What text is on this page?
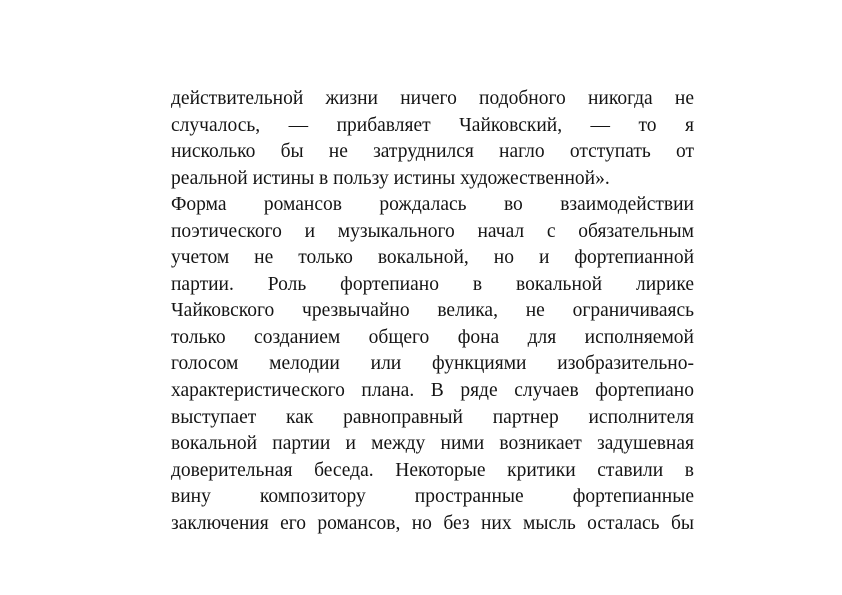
действительной жизни ничего подобного никогда не
случалось, — прибавляет Чайковский, — то я
нисколько бы не затруднился нагло отступать от
реальной истины в пользу истины художественной».
Форма романсов рождалась во взаимодействии
поэтического и музыкального начал с обязательным
учетом не только вокальной, но и фортепианной
партии. Роль фортепиано в вокальной лирике
Чайковского чрезвычайно велика, не ограничиваясь
только созданием общего фона для исполняемой
голосом мелодии или функциями изобразительно-
характеристического плана. В ряде случаев фортепиано
выступает как равноправный партнер исполнителя
вокальной партии и между ними возникает задушевная
доверительная беседа. Некоторые критики ставили в
вину композитору пространные фортепианные
заключения его романсов, но без них мысль осталась бы
